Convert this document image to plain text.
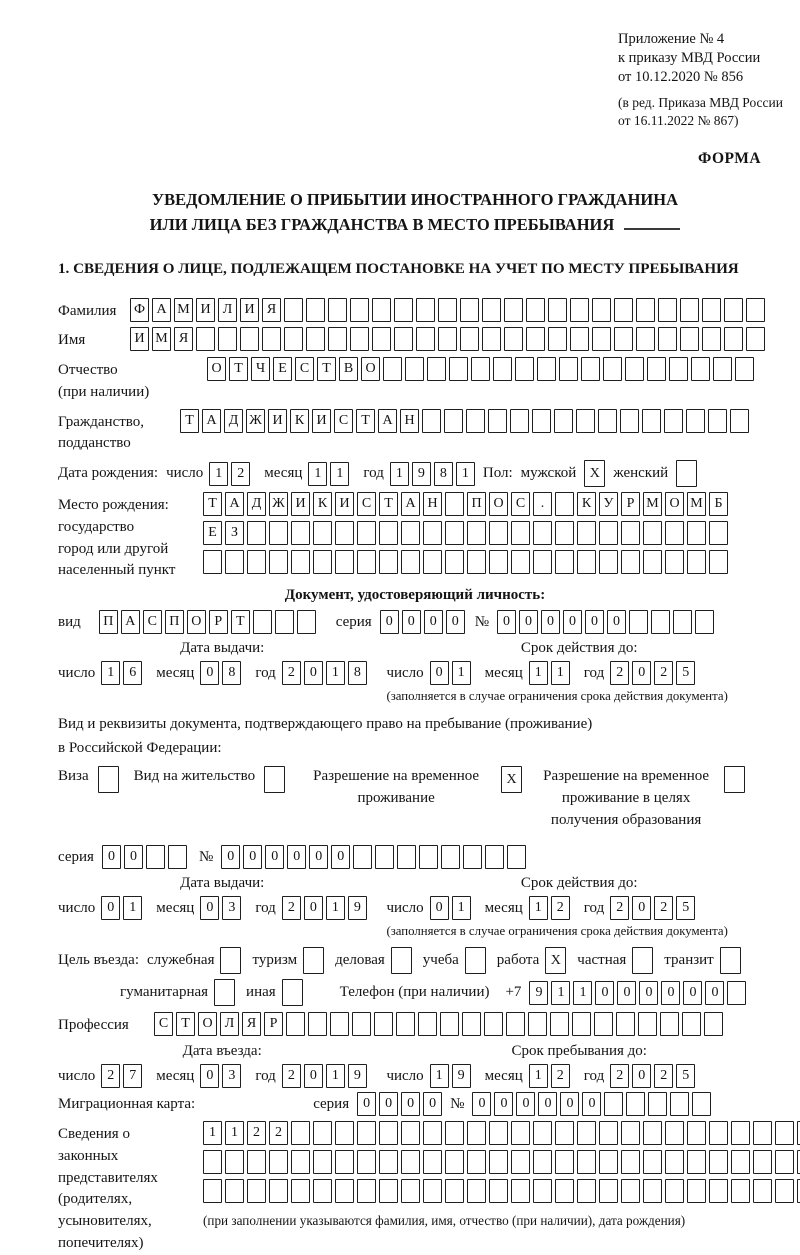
Приложение № 4
к приказу МВД России
от 10.12.2020 № 856
(в ред. Приказа МВД России
от 16.11.2022 № 867)
ФОРМА
УВЕДОМЛЕНИЕ О ПРИБЫТИИ ИНОСТРАННОГО ГРАЖДАНИНА
ИЛИ ЛИЦА БЕЗ ГРАЖДАНСТВА В МЕСТО ПРЕБЫВАНИЯ
1. СВЕДЕНИЯ О ЛИЦЕ, ПОДЛЕЖАЩЕМ ПОСТАНОВКЕ НА УЧЕТ ПО МЕСТУ ПРЕБЫВАНИЯ
Фамилия	Ф А М И Л И Я
Имя	И М Я
Отчество
(при наличии)
О Т Ч Е С Т В О
Гражданство,
подданство
Т А Д Ж И К И С Т А Н
Дата рождения: число 1	2	месяц 1	1	год 1	9	8	1 Пол: мужской X женский
Место рождения:
государство
город или другой
населенный пункт
Т А Д Ж И К И С Т А Н	П О С	.	К У Р М О М Б
Е	З
Документ, удостоверяющий личность:
вид	П А С П О Р Т	серия	0	0	0	0	№	0	0	0	0	0	0
Дата выдачи:
число 1	6	месяц 0	8	год 2	0	1	8
Срок действия до:
число 0	1	месяц 1	1	год 2	0	2	5
(заполняется в случае ограничения срока действия документа)
Вид и реквизиты документа, подтверждающего право на пребывание (проживание)
в Российской Федерации:
Виза	Вид на жительство	Разрешение на временное проживание
X	Разрешение на временное проживание в целях получения образования
серия	0	0	№	0	0	0	0	0	0
Дата выдачи:
число 0	1	месяц 0	3	год 2	0	1	9
Срок действия до:
число 0	1	месяц 1	2	год 2	0	2	5
(заполняется в случае ограничения срока действия документа)
Цель въезда: служебная	туризм	деловая	учеба	работа X	частная	транзит
гуманитарная	иная	Телефон (при наличии) +7	9	1	1	0	0	0	0	0	0
Профессия	С Т О Л Я Р
Дата въезда:
число 2	7	месяц 0	3	год 2	0	1	9
Срок пребывания до:
число 1	9	месяц 1	2	год 2	0	2	5
Миграционная карта:	серия	0	0	0	0 №	0	0	0	0	0	0
Сведения о
законных
представителях
(родителях,
усыновителях,
попечителях)
1	1	2	2
(при заполнении указываются фамилия, имя, отчество (при наличии), дата рождения)
